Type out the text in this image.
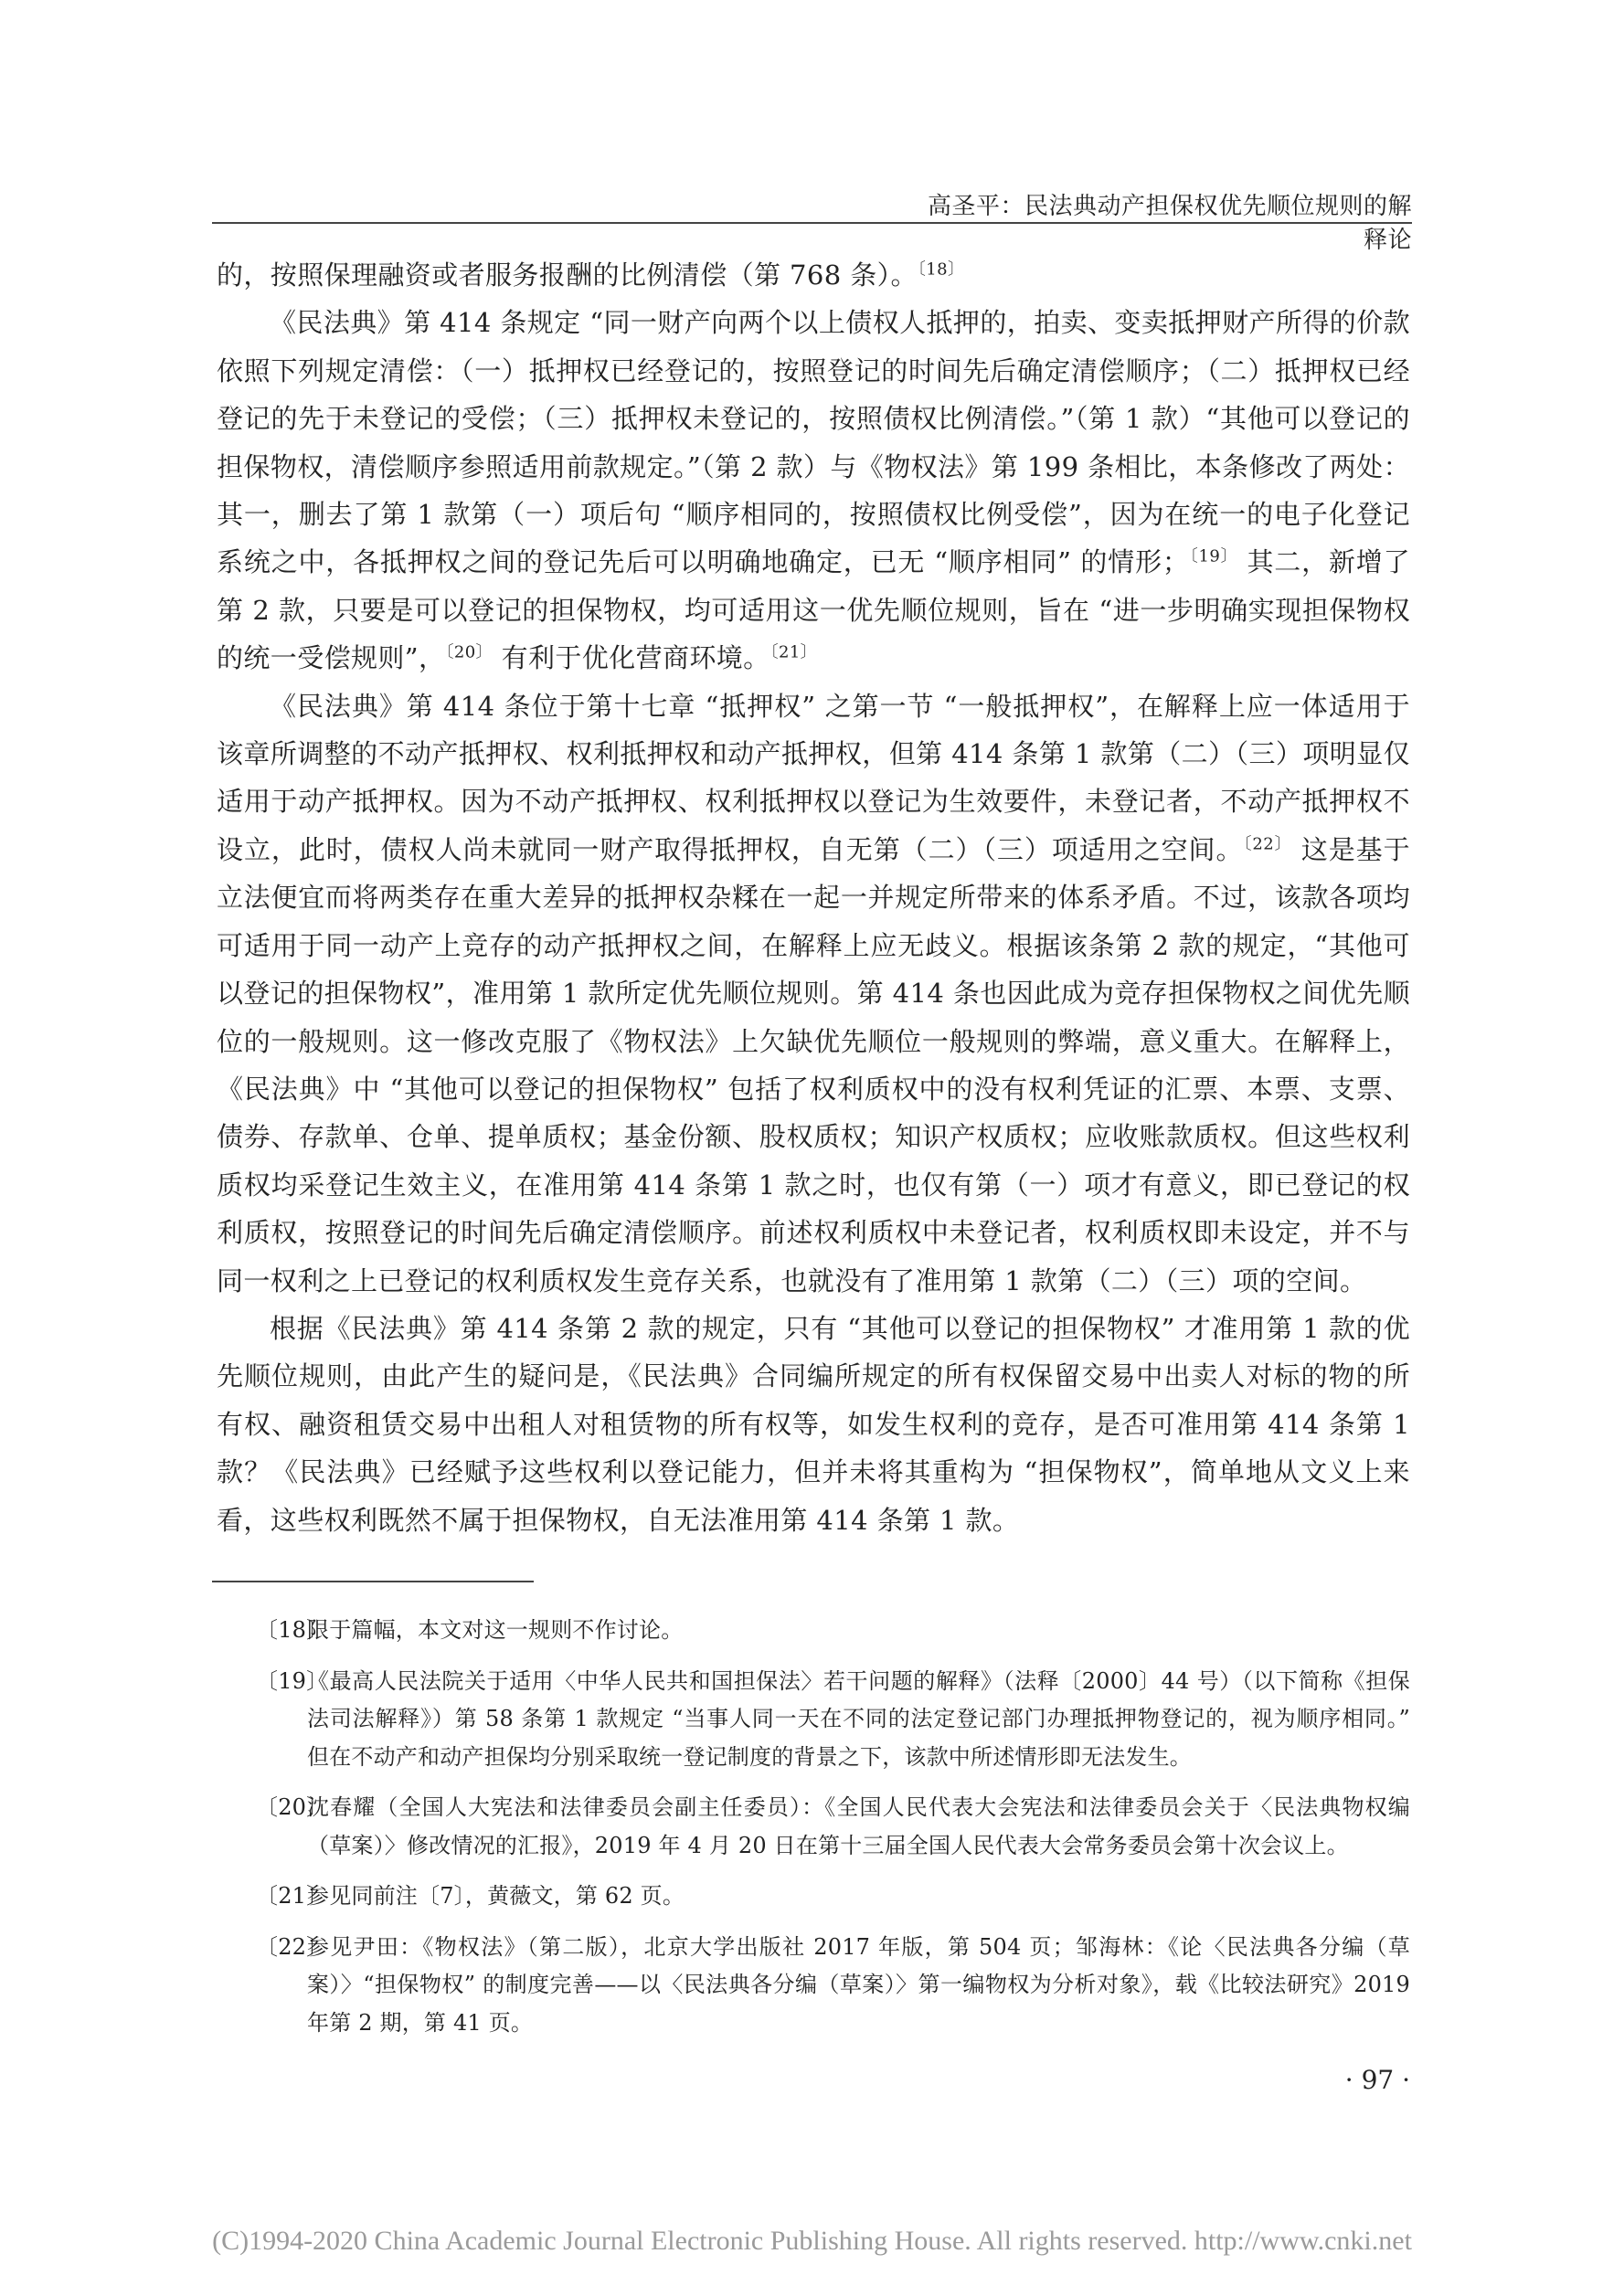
高圣平：民法典动产担保权优先顺位规则的解释论

的，按照保理融资或者服务报酬的比例清偿（第 768 条）。$^{〔18〕}$

《民法典》第 414 条规定 “同一财产向两个以上债权人抵押的，拍卖、变卖抵押财产所得的价款依照下列规定清偿：（一）抵押权已经登记的，按照登记的时间先后确定清偿顺序；（二）抵押权已经登记的先于未登记的受偿；（三）抵押权未登记的，按照债权比例清偿。”（第 1 款）“其他可以登记的担保物权，清偿顺序参照适用前款规定。”（第 2 款）与《物权法》第 199 条相比，本条修改了两处：其一，删去了第 1 款第（一）项后句 “顺序相同的，按照债权比例受偿”，因为在统一的电子化登记系统之中，各抵押权之间的登记先后可以明确地确定，已无 “顺序相同” 的情形；$^{〔19〕}$ 其二，新增了第 2 款，只要是可以登记的担保物权，均可适用这一优先顺位规则，旨在 “进一步明确实现担保物权的统一受偿规则”，$^{〔20〕}$ 有利于优化营商环境。$^{〔21〕}$

《民法典》第 414 条位于第十七章 “抵押权” 之第一节 “一般抵押权”，在解释上应一体适用于该章所调整的不动产抵押权、权利抵押权和动产抵押权，但第 414 条第 1 款第（二）（三）项明显仅适用于动产抵押权。因为不动产抵押权、权利抵押权以登记为生效要件，未登记者，不动产抵押权不设立，此时，债权人尚未就同一财产取得抵押权，自无第（二）（三）项适用之空间。$^{〔22〕}$ 这是基于立法便宜而将两类存在重大差异的抵押权杂糅在一起一并规定所带来的体系矛盾。不过，该款各项均可适用于同一动产上竞存的动产抵押权之间，在解释上应无歧义。根据该条第 2 款的规定，“其他可以登记的担保物权”，准用第 1 款所定优先顺位规则。第 414 条也因此成为竞存担保物权之间优先顺位的一般规则。这一修改克服了《物权法》上欠缺优先顺位一般规则的弊端，意义重大。在解释上，《民法典》中 “其他可以登记的担保物权” 包括了权利质权中的没有权利凭证的汇票、本票、支票、债券、存款单、仓单、提单质权；基金份额、股权质权；知识产权质权；应收账款质权。但这些权利质权均采登记生效主义，在准用第 414 条第 1 款之时，也仅有第（一）项才有意义，即已登记的权利质权，按照登记的时间先后确定清偿顺序。前述权利质权中未登记者，权利质权即未设定，并不与同一权利之上已登记的权利质权发生竞存关系，也就没有了准用第 1 款第（二）（三）项的空间。

根据《民法典》第 414 条第 2 款的规定，只有 “其他可以登记的担保物权” 才准用第 1 款的优先顺位规则，由此产生的疑问是，《民法典》合同编所规定的所有权保留交易中出卖人对标的物的所有权、融资租赁交易中出租人对租赁物的所有权等，如发生权利的竞存，是否可准用第 414 条第 1 款？《民法典》已经赋予这些权利以登记能力，但并未将其重构为 “担保物权”，简单地从文义上来看，这些权利既然不属于担保物权，自无法准用第 414 条第 1 款。

〔18〕
限于篇幅，本文对这一规则不作讨论。
〔19〕
《最高人民法院关于适用〈中华人民共和国担保法〉若干问题的解释》（法释〔2000〕44 号）（以下简称《担保法司法解释》）第 58 条第 1 款规定 “当事人同一天在不同的法定登记部门办理抵押物登记的，视为顺序相同。” 但在不动产和动产担保均分别采取统一登记制度的背景之下，该款中所述情形即无法发生。
〔20〕
沈春耀（全国人大宪法和法律委员会副主任委员）：《全国人民代表大会宪法和法律委员会关于〈民法典物权编（草案）〉修改情况的汇报》，2019 年 4 月 20 日在第十三届全国人民代表大会常务委员会第十次会议上。
〔21〕
参见同前注〔7〕，黄薇文，第 62 页。
〔22〕
参见尹田：《物权法》（第二版），北京大学出版社 2017 年版，第 504 页；邹海林：《论〈民法典各分编（草案）〉“担保物权” 的制度完善——以〈民法典各分编（草案）〉第一编物权为分析对象》，载《比较法研究》2019 年第 2 期，第 41 页。
· 97 ·
(C)1994-2020 China Academic Journal Electronic Publishing House. All rights reserved. http://www.cnki.net
